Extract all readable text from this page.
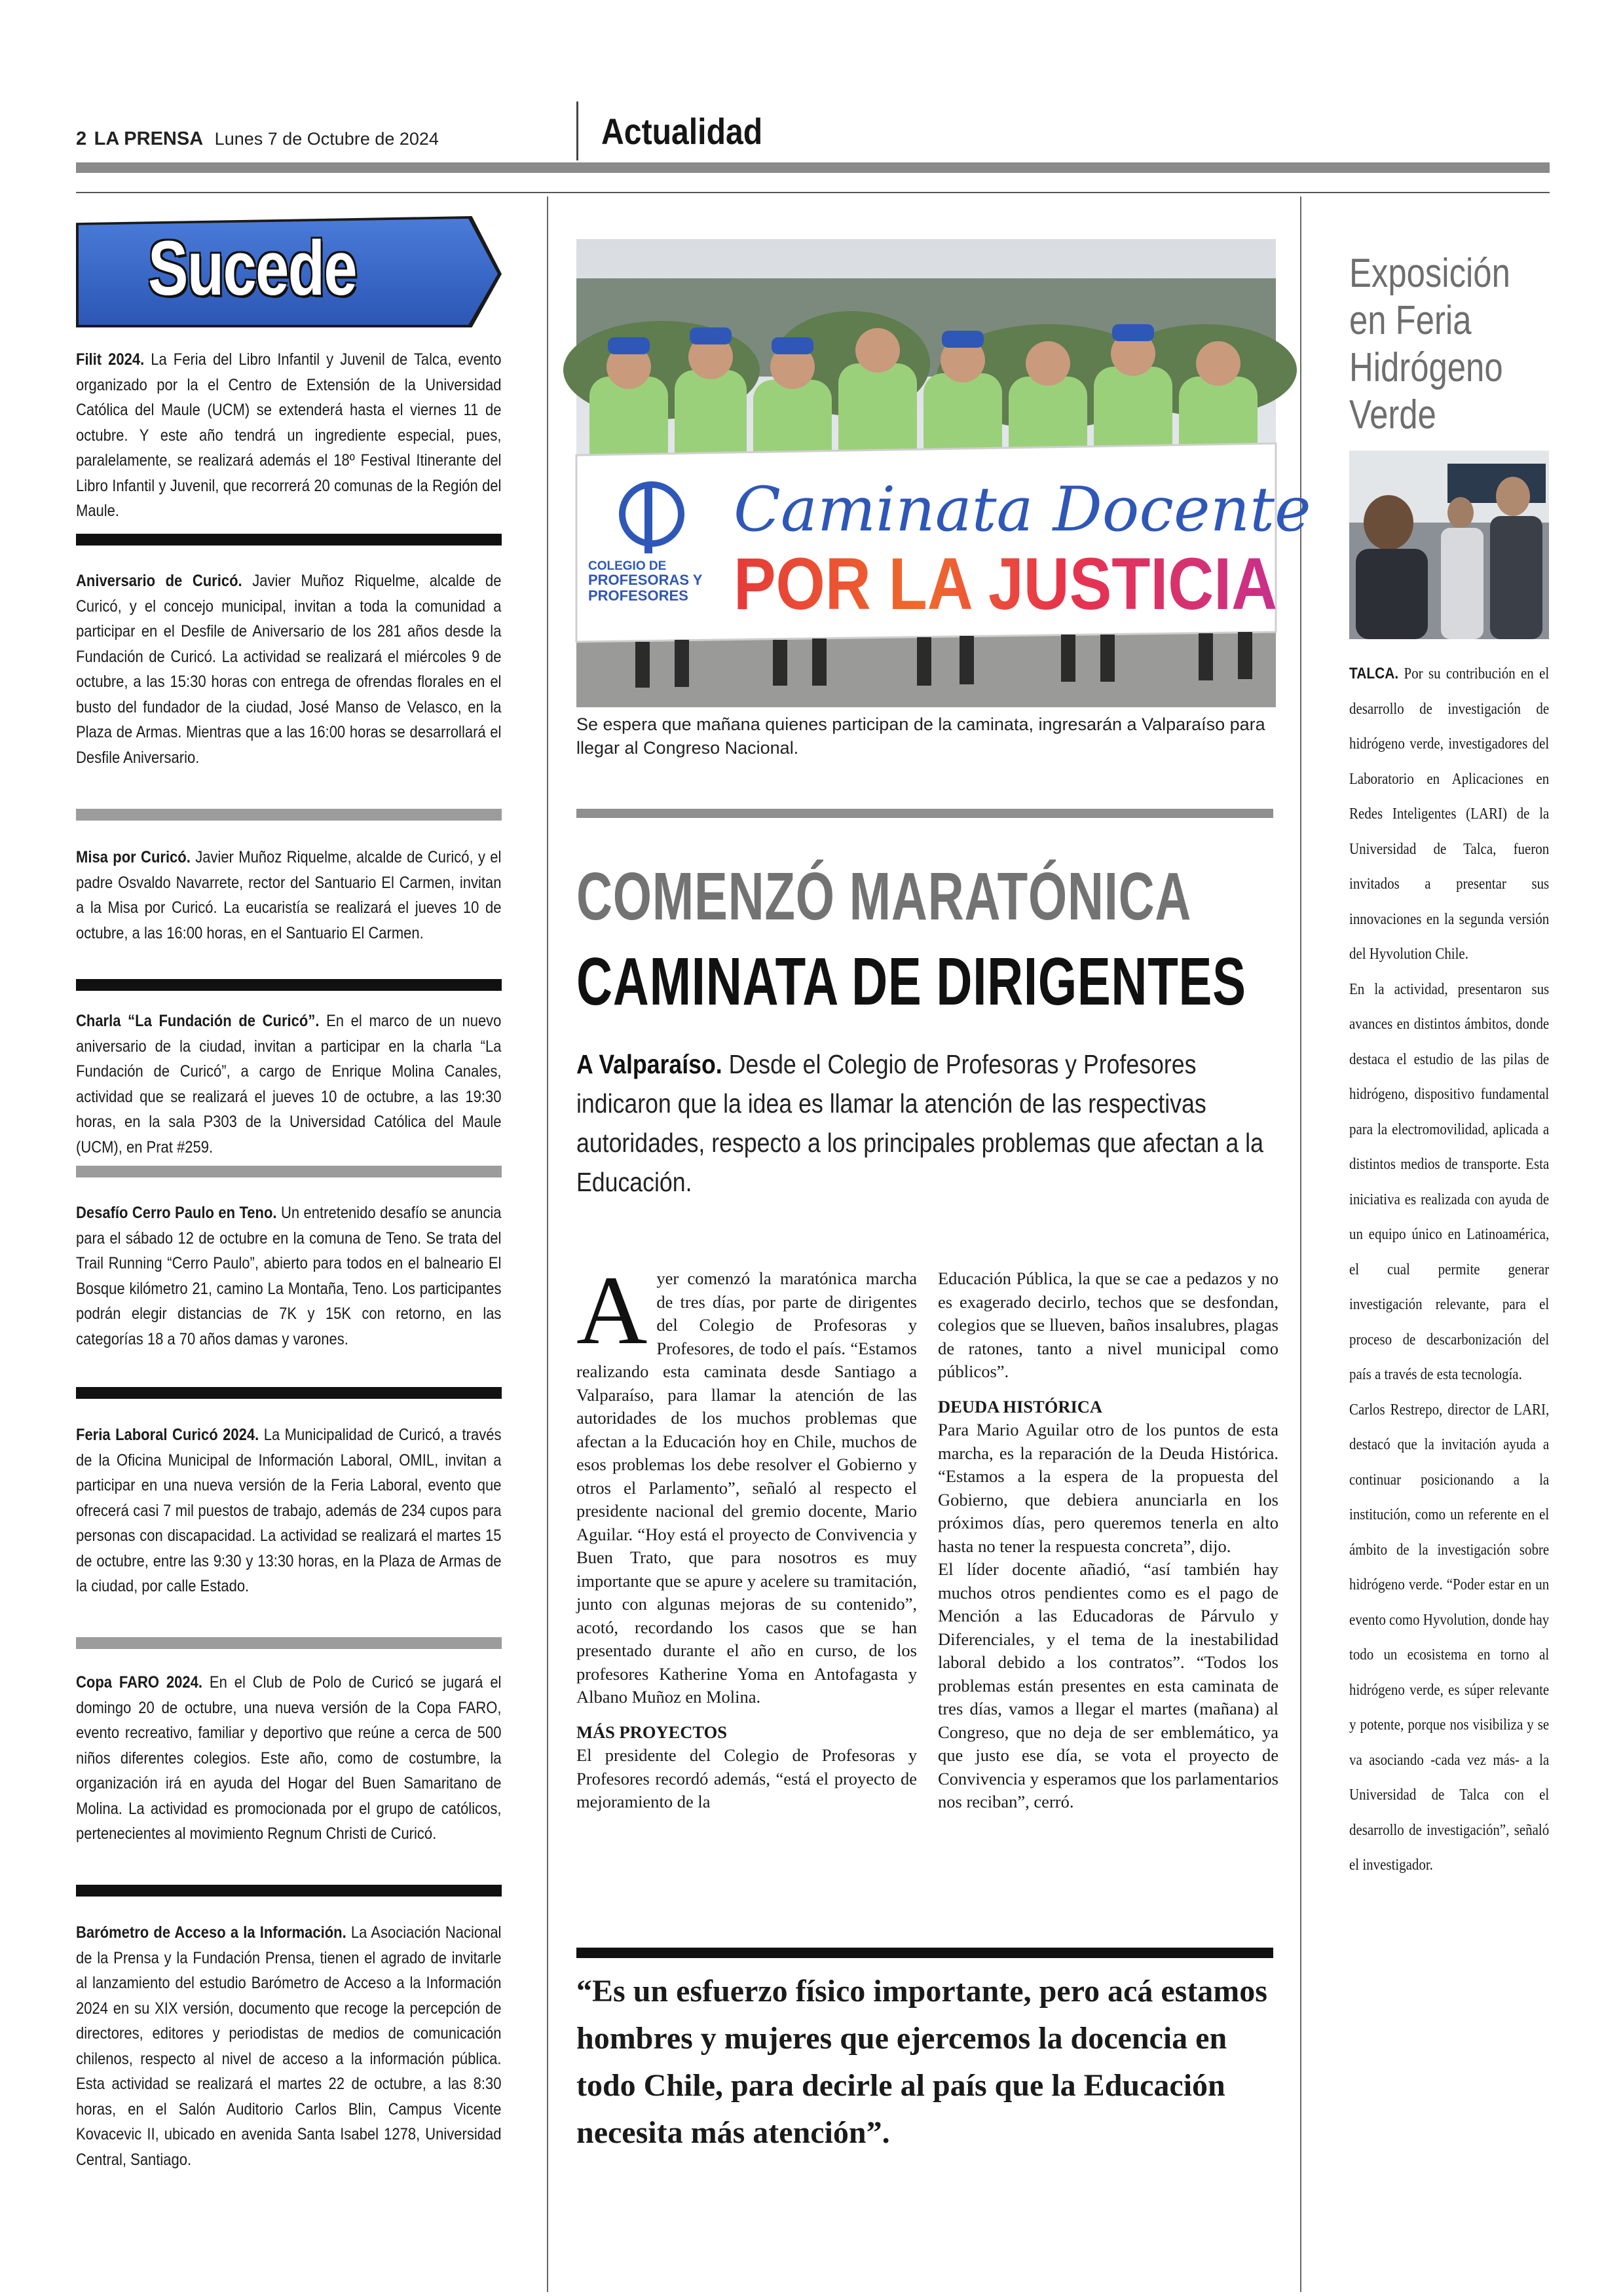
2 LA PRENSA Lunes 7 de Octubre de 2024	Actualidad
Sucede
Filit 2024. La Feria del Libro Infantil y Juvenil de Talca, evento organizado por la el Centro de Extensión de la Universidad Católica del Maule (UCM) se extenderá hasta el viernes 11 de octubre. Y este año tendrá un ingrediente especial, pues, paralelamente, se realizará además el 18º Festival Itinerante del Libro Infantil y Juvenil, que recorrerá 20 comunas de la Región del Maule.
Aniversario de Curicó. Javier Muñoz Riquelme, alcalde de Curicó, y el concejo municipal, invitan a toda la comunidad a participar en el Desfile de Aniversario de los 281 años desde la Fundación de Curicó. La actividad se realizará el miércoles 9 de octubre, a las 15:30 horas con entrega de ofrendas florales en el busto del fundador de la ciudad, José Manso de Velasco, en la Plaza de Armas. Mientras que a las 16:00 horas se desarrollará el Desfile Aniversario.
Misa por Curicó. Javier Muñoz Riquelme, alcalde de Curicó, y el padre Osvaldo Navarrete, rector del Santuario El Carmen, invitan a la Misa por Curicó. La eucaristía se realizará el jueves 10 de octubre, a las 16:00 horas, en el Santuario El Carmen.
Charla “La Fundación de Curicó”. En el marco de un nuevo aniversario de la ciudad, invitan a participar en la charla “La Fundación de Curicó”, a cargo de Enrique Molina Canales, actividad que se realizará el jueves 10 de octubre, a las 19:30 horas, en la sala P303 de la Universidad Católica del Maule (UCM), en Prat #259.
Desafío Cerro Paulo en Teno. Un entretenido desafío se anuncia para el sábado 12 de octubre en la comuna de Teno. Se trata del Trail Running “Cerro Paulo”, abierto para todos en el balneario El Bosque kilómetro 21, camino La Montaña, Teno. Los participantes podrán elegir distancias de 7K y 15K con retorno, en las categorías 18 a 70 años damas y varones.
Feria Laboral Curicó 2024. La Municipalidad de Curicó, a través de la Oficina Municipal de Información Laboral, OMIL, invitan a participar en una nueva versión de la Feria Laboral, evento que ofrecerá casi 7 mil puestos de trabajo, además de 234 cupos para personas con discapacidad. La actividad se realizará el martes 15 de octubre, entre las 9:30 y 13:30 horas, en la Plaza de Armas de la ciudad, por calle Estado.
Copa FARO 2024. En el Club de Polo de Curicó se jugará el domingo 20 de octubre, una nueva versión de la Copa FARO, evento recreativo, familiar y deportivo que reúne a cerca de 500 niños diferentes colegios. Este año, como de costumbre, la organización irá en ayuda del Hogar del Buen Samaritano de Molina. La actividad es promocionada por el grupo de católicos, pertenecientes al movimiento Regnum Christi de Curicó.
Barómetro de Acceso a la Información. La Asociación Nacional de la Prensa y la Fundación Prensa, tienen el agrado de invitarle al lanzamiento del estudio Barómetro de Acceso a la Información 2024 en su XIX versión, documento que recoge la percepción de directores, editores y periodistas de medios de comunicación chilenos, respecto al nivel de acceso a la información pública. Esta actividad se realizará el martes 22 de octubre, a las 8:30 horas, en el Salón Auditorio Carlos Blin, Campus Vicente Kovacevic II, ubicado en avenida Santa Isabel 1278, Universidad Central, Santiago.
COLEGIO DE
PROFESORAS Y
PROFESORES
Caminata Docente
POR LA JUSTICIA
Se espera que mañana quienes participan de la caminata, ingresarán a Valparaíso para llegar al Congreso Nacional.
COMENZÓ MARATÓNICA
CAMINATA DE DIRIGENTES
A Valparaíso. Desde el Colegio de Profesoras y Profesores indicaron que la idea es llamar la atención de las respectivas autoridades, respecto a los principales problemas que afectan a la Educación.
A yer comenzó la maratónica marcha de tres días, por parte de dirigentes del Colegio de Profesoras y Profesores, de todo el país. “Estamos realizando esta caminata desde Santiago a Valparaíso, para llamar la atención de las autoridades de los muchos problemas que afectan a la Educación hoy en Chile, muchos de esos problemas los debe resolver el Gobierno y otros el Parlamento”, señaló al respecto el presidente nacional del gremio docente, Mario Aguilar. “Hoy está el proyecto de Convivencia y Buen Trato, que para nosotros es muy importante que se apure y acelere su tramitación, junto con algunas mejoras de su contenido”, acotó, recordando los casos que se han presentado durante el año en curso, de los profesores Katherine Yoma en Antofagasta y Albano Muñoz en Molina.
MÁS PROYECTOS
El presidente del Colegio de Profesoras y Profesores recordó además, “está el proyecto de mejoramiento de la
Educación Pública, la que se cae a pedazos y no es exagerado decirlo, techos que se desfondan, colegios que se llueven, baños insalubres, plagas de ratones, tanto a nivel municipal como públicos”.
DEUDA HISTÓRICA
Para Mario Aguilar otro de los puntos de esta marcha, es la reparación de la Deuda Histórica. “Estamos a la espera de la propuesta del Gobierno, que debiera anunciarla en los próximos días, pero queremos tenerla en alto hasta no tener la respuesta concreta”, dijo.
El líder docente añadió, “así también hay muchos otros pendientes como es el pago de Mención a las Educadoras de Párvulo y Diferenciales, y el tema de la inestabilidad laboral debido a los contratos”. “Todos los problemas están presentes en esta caminata de tres días, vamos a llegar el martes (mañana) al Congreso, que no deja de ser emblemático, ya que justo ese día, se vota el proyecto de Convivencia y esperamos que los parlamentarios nos reciban”, cerró.
“Es un esfuerzo físico importante, pero acá estamos hombres y mujeres que ejercemos la docencia en todo Chile, para decirle al país que la Educación necesita más atención”.
Exposición en Feria Hidrógeno Verde
TALCA. Por su contribución en el desarrollo de investigación de hidrógeno verde, investigadores del Laboratorio en Aplicaciones en Redes Inteligentes (LARI) de la Universidad de Talca, fueron invitados a presentar sus innovaciones en la segunda versión del Hyvolution Chile.
En la actividad, presentaron sus avances en distintos ámbitos, donde destaca el estudio de las pilas de hidrógeno, dispositivo fundamental para la electromovilidad, aplicada a distintos medios de transporte. Esta iniciativa es realizada con ayuda de un equipo único en Latinoamérica, el cual permite generar investigación relevante, para el proceso de descarbonización del país a través de esta tecnología.
Carlos Restrepo, director de LARI, destacó que la invitación ayuda a continuar posicionando a la institución, como un referente en el ámbito de la investigación sobre hidrógeno verde. “Poder estar en un evento como Hyvolution, donde hay todo un ecosistema en torno al hidrógeno verde, es súper relevante y potente, porque nos visibiliza y se va asociando -cada vez más- a la Universidad de Talca con el desarrollo de investigación”, señaló el investigador.
